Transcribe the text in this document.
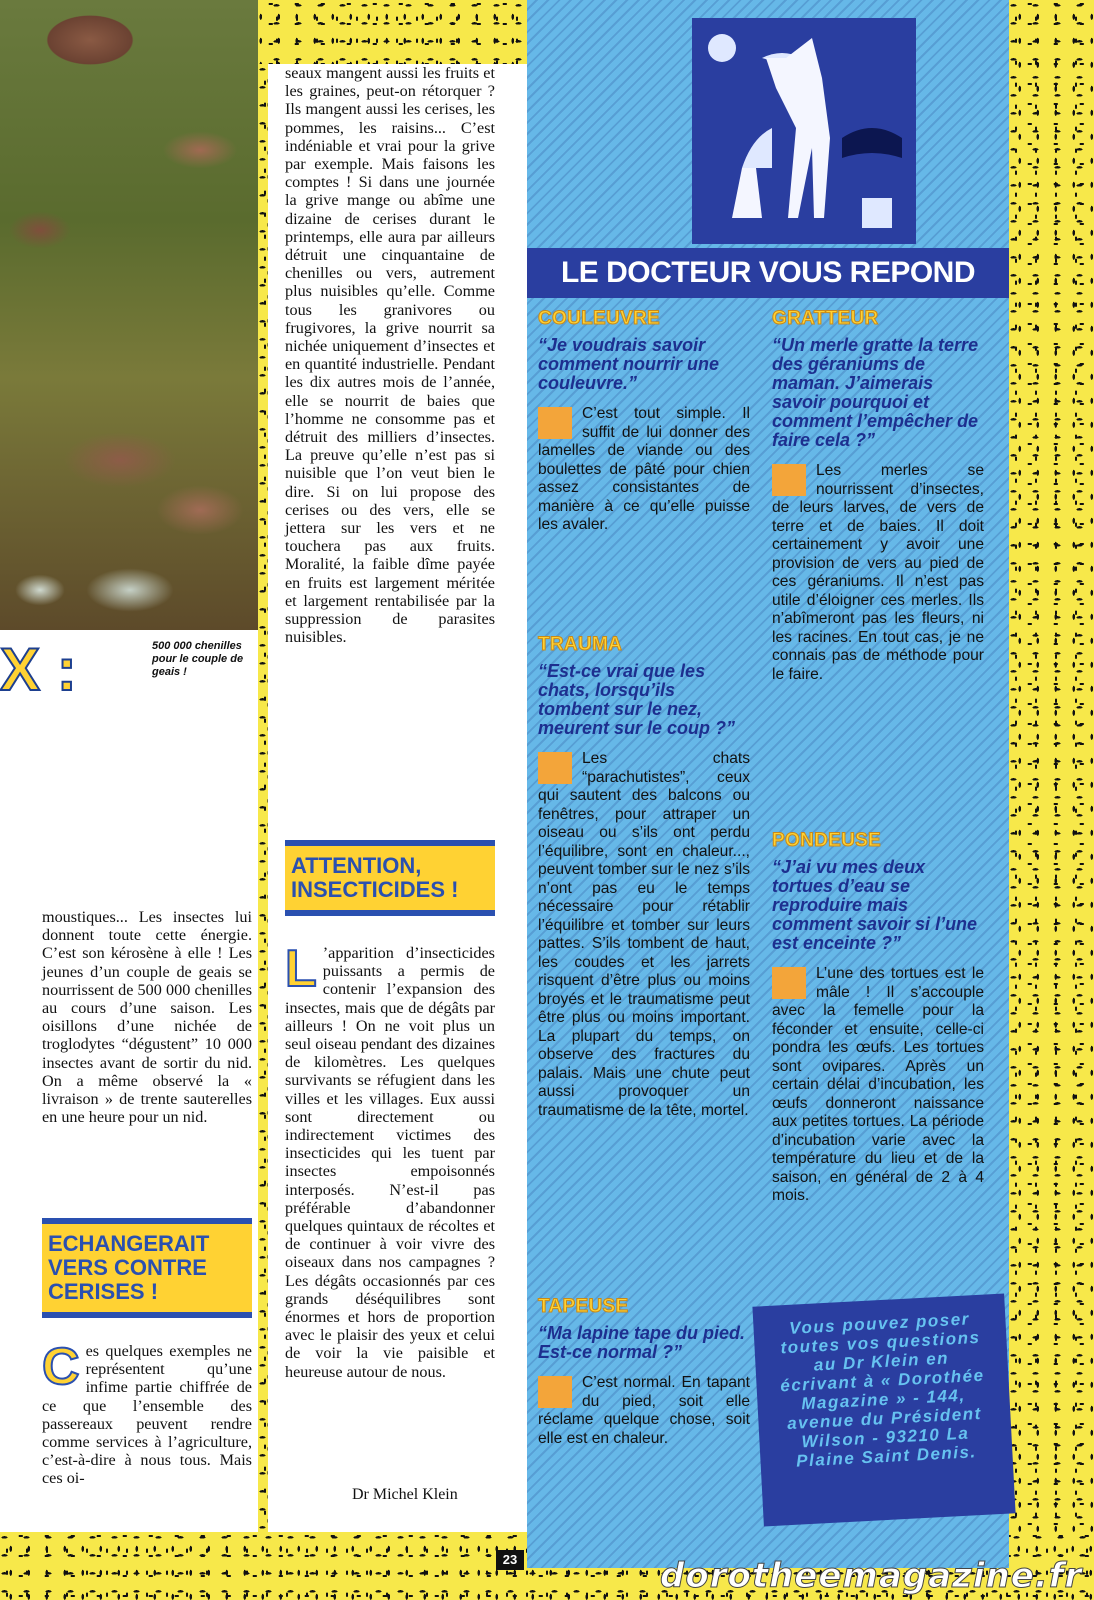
X :	500 000 chenilles pour le couple de geais !
moustiques... Les insectes lui donnent toute cette énergie. C’est son kérosène à elle ! Les jeunes d’un couple de geais se nourrissent de 500 000 chenilles au cours d’une saison. Les oisillons d’une nichée de troglodytes “dégustent” 10 000 insectes avant de sortir du nid. On a même observé la « livraison » de trente sauterelles en une heure pour un nid.
ECHANGERAIT VERS CONTRE CERISES !
C es quelques exemples ne représentent qu’une infime partie chiffrée de ce que l’ensemble des passereaux peuvent rendre comme services à l’agriculture, c’est-à-dire à nous tous. Mais ces oi-
seaux mangent aussi les fruits et les graines, peut-on rétorquer ? Ils mangent aussi les cerises, les pommes, les raisins... C’est indéniable et vrai pour la grive par exemple. Mais faisons les comptes ! Si dans une journée la grive mange ou abîme une dizaine de cerises durant le printemps, elle aura par ailleurs détruit une cinquantaine de chenilles ou vers, autrement plus nuisibles qu’elle. Comme tous les granivores ou frugivores, la grive nourrit sa nichée uniquement d’insectes et en quantité industrielle. Pendant les dix autres mois de l’année, elle se nourrit de baies que l’homme ne consomme pas et détruit des milliers d’insectes. La preuve qu’elle n’est pas si nuisible que l’on veut bien le dire. Si on lui propose des cerises ou des vers, elle se jettera sur les vers et ne touchera pas aux fruits. Moralité, la faible dîme payée en fruits est largement méritée et largement rentabilisée par la suppression de parasites nuisibles.
ATTENTION, INSECTICIDES !
L ’apparition d’insecticides puissants a permis de contenir l’expansion des insectes, mais que de dégâts par ailleurs ! On ne voit plus un seul oiseau pendant des dizaines de kilomètres. Les quelques survivants se réfugient dans les villes et les villages. Eux aussi sont directement ou indirectement victimes des insecticides qui les tuent par insectes empoisonnés interposés. N’est-il pas préférable d’abandonner quelques quintaux de récoltes et de continuer à voir vivre des oiseaux dans nos campagnes ? Les dégâts occasionnés par ces grands déséquilibres sont énormes et hors de proportion avec le plaisir des yeux et celui de voir la vie paisible et heureuse autour de nous.
Dr Michel Klein
LE DOCTEUR VOUS REPOND
COULEUVRE
“Je voudrais savoir comment nourrir une couleuvre.”
C’est tout simple. Il suffit de lui donner des lamelles de viande ou des boulettes de pâté pour chien assez consistantes de manière à ce qu’elle puisse les avaler.
TRAUMA
“Est-ce vrai que les chats, lorsqu’ils tombent sur le nez, meurent sur le coup ?”
Les chats “parachutistes”, ceux qui sautent des balcons ou fenêtres, pour attraper un oiseau ou s’ils ont perdu l’équilibre, sont en chaleur..., peuvent tomber sur le nez s’ils n’ont pas eu le temps nécessaire pour rétablir l’équilibre et tomber sur leurs pattes. S’ils tombent de haut, les coudes et les jarrets risquent d’être plus ou moins broyés et le traumatisme peut être plus ou moins important. La plupart du temps, on observe des fractures du palais. Mais une chute peut aussi provoquer un traumatisme de la tête, mortel.
TAPEUSE
“Ma lapine tape du pied. Est-ce normal ?”
C’est normal. En tapant du pied, soit elle réclame quelque chose, soit elle est en chaleur.
GRATTEUR
“Un merle gratte la terre des géraniums de maman. J’aimerais savoir pourquoi et comment l’empêcher de faire cela ?”
Les merles se nourrissent d’insectes, de leurs larves, de vers de terre et de baies. Il doit certainement y avoir une provision de vers au pied de ces géraniums. Il n’est pas utile d’éloigner ces merles. Ils n’abîmeront pas les fleurs, ni les racines. En tout cas, je ne connais pas de méthode pour le faire.
PONDEUSE
“J’ai vu mes deux tortues d’eau se reproduire mais comment savoir si l’une est enceinte ?”
L’une des tortues est le mâle ! Il s’accouple avec la femelle pour la féconder et ensuite, celle-ci pondra les œufs. Les tortues sont ovipares. Après un certain délai d’incubation, les œufs donneront naissance aux petites tortues. La période d’incubation varie avec la température du lieu et de la saison, en général de 2 à 4 mois.
Vous pouvez poser toutes vos questions au Dr Klein en écrivant à « Dorothée Magazine » - 144, avenue du Président Wilson - 93210 La Plaine Saint Denis.
23	dorotheemagazine.fr
